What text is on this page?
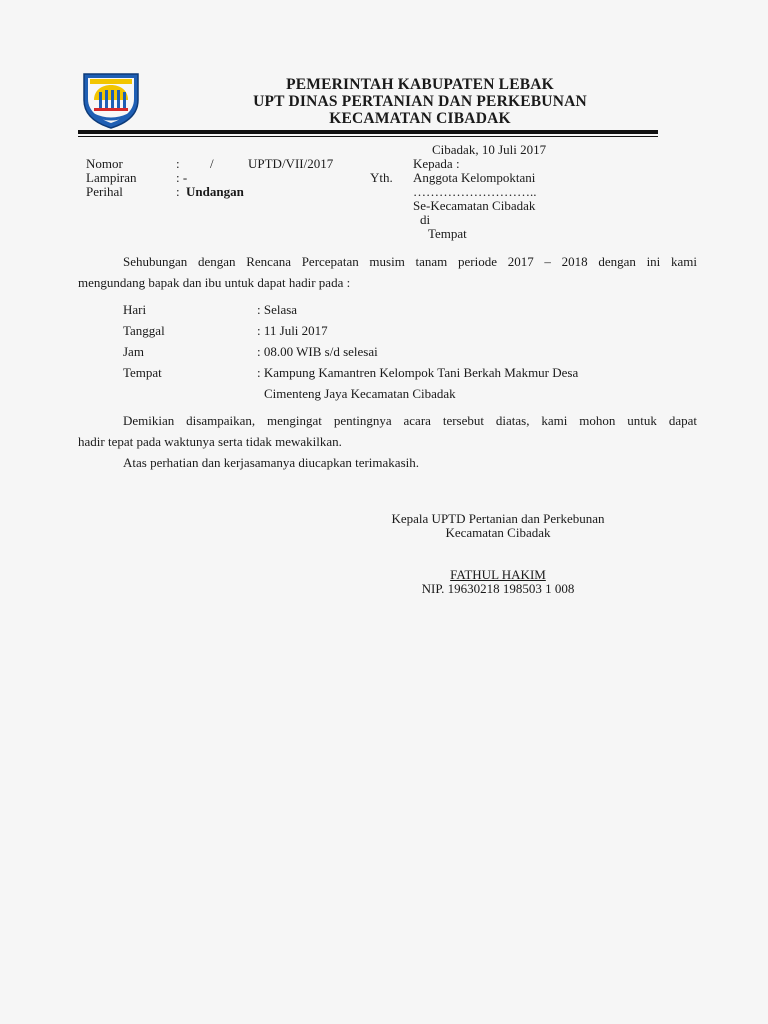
PEMERINTAH KABUPATEN LEBAK
UPT DINAS PERTANIAN DAN PERKEBUNAN
KECAMATAN CIBADAK
Cibadak, 10 Juli 2017
Nomor	: /	UPTD/VII/2017
Lampiran	: -
Perihal	: Undangan
Kepada :
Yth. Anggota Kelompoktani
………………………..
Se-Kecamatan Cibadak
di
Tempat
Sehubungan dengan Rencana Percepatan musim tanam periode 2017 – 2018 dengan ini kami
mengundang bapak dan ibu untuk dapat hadir pada :
Hari	: Selasa
Tanggal	: 11 Juli 2017
Jam	: 08.00 WIB s/d selesai
Tempat	: Kampung Kamantren Kelompok Tani Berkah Makmur Desa
Cimenteng Jaya Kecamatan Cibadak
Demikian disampaikan, mengingat pentingnya acara tersebut diatas, kami mohon untuk dapat
hadir tepat pada waktunya serta tidak mewakilkan.
Atas perhatian dan kerjasamanya diucapkan terimakasih.
Kepala UPTD Pertanian dan Perkebunan
Kecamatan Cibadak
FATHUL HAKIM
NIP. 19630218 198503 1 008
